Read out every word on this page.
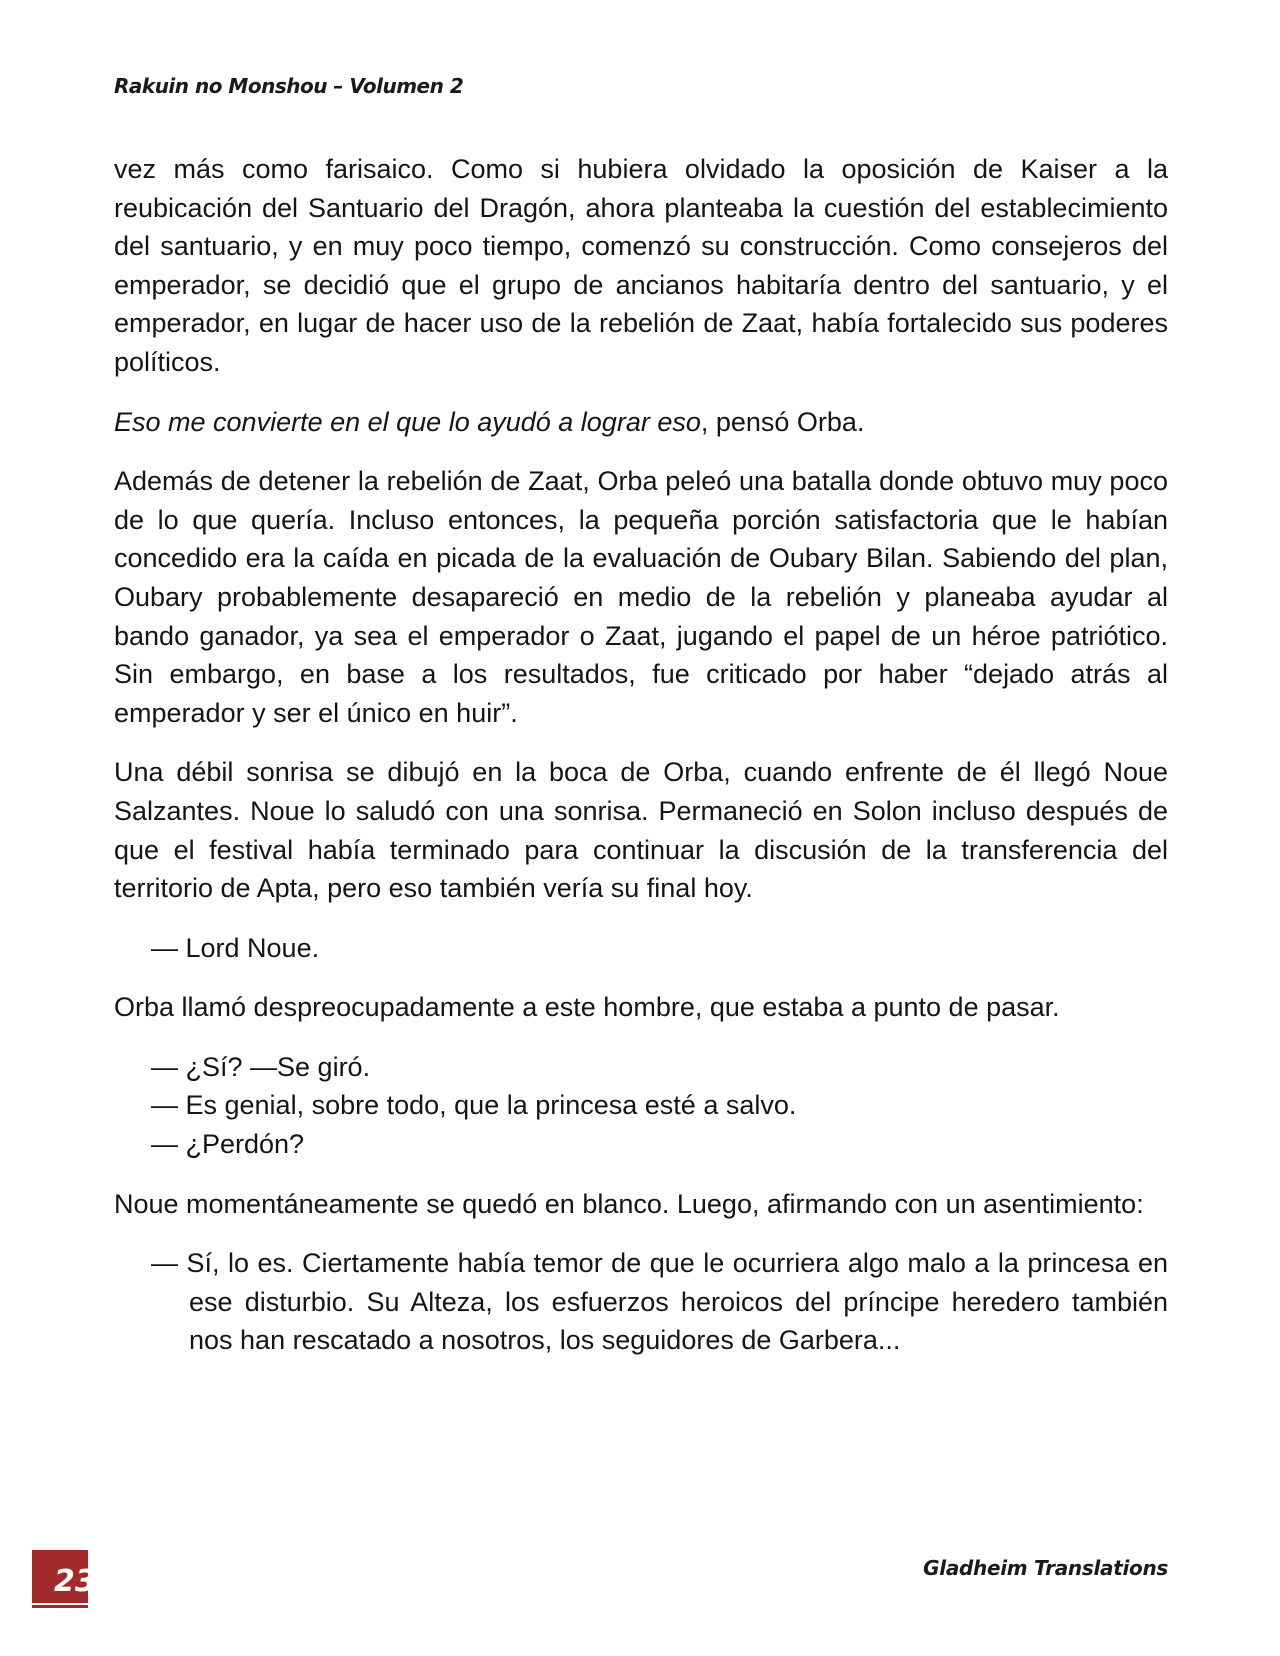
Rakuin no Monshou – Volumen 2

vez más como farisaico. Como si hubiera olvidado la oposición de Kaiser a la reubicación del Santuario del Dragón, ahora planteaba la cuestión del establecimiento del santuario, y en muy poco tiempo, comenzó su construcción. Como consejeros del emperador, se decidió que el grupo de ancianos habitaría dentro del santuario, y el emperador, en lugar de hacer uso de la rebelión de Zaat, había fortalecido sus poderes políticos.

Eso me convierte en el que lo ayudó a lograr eso, pensó Orba.

Además de detener la rebelión de Zaat, Orba peleó una batalla donde obtuvo muy poco de lo que quería. Incluso entonces, la pequeña porción satisfactoria que le habían concedido era la caída en picada de la evaluación de Oubary Bilan. Sabiendo del plan, Oubary probablemente desapareció en medio de la rebelión y planeaba ayudar al bando ganador, ya sea el emperador o Zaat, jugando el papel de un héroe patriótico. Sin embargo, en base a los resultados, fue criticado por haber “dejado atrás al emperador y ser el único en huir”.

Una débil sonrisa se dibujó en la boca de Orba, cuando enfrente de él llegó Noue Salzantes. Noue lo saludó con una sonrisa. Permaneció en Solon incluso después de que el festival había terminado para continuar la discusión de la transferencia del territorio de Apta, pero eso también vería su final hoy.

— Lord Noue.

Orba llamó despreocupadamente a este hombre, que estaba a punto de pasar.

— ¿Sí? —Se giró.

— Es genial, sobre todo, que la princesa esté a salvo.

— ¿Perdón?

Noue momentáneamente se quedó en blanco. Luego, afirmando con un asentimiento:

— Sí, lo es. Ciertamente había temor de que le ocurriera algo malo a la princesa en ese disturbio. Su Alteza, los esfuerzos heroicos del príncipe heredero también nos han rescatado a nosotros, los seguidores de Garbera...

23	Gladheim Translations
